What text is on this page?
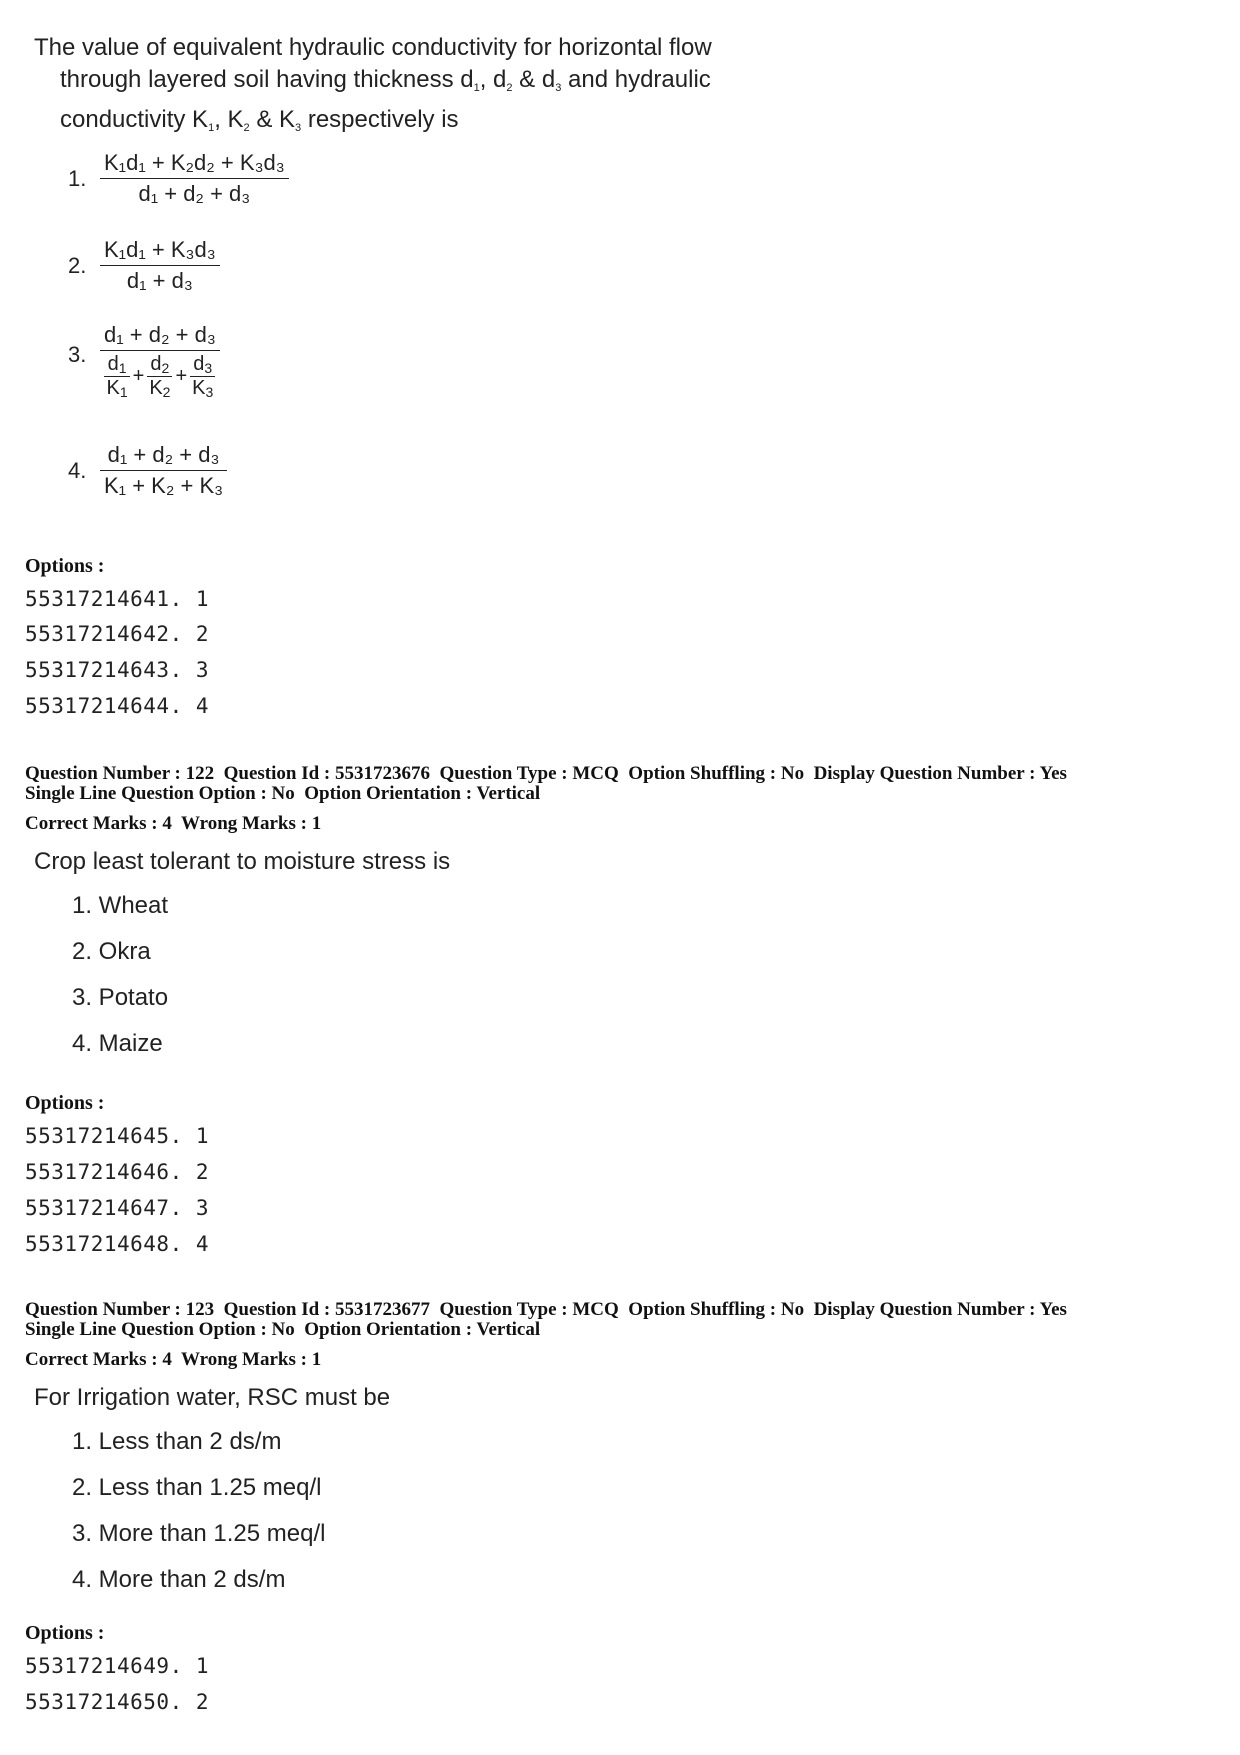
The value of equivalent hydraulic conductivity for horizontal flow
through layered soil having thickness $d_1$, $d_2$ & $d_3$ and hydraulic
conductivity $K_1$, $K_2$ & $K_3$ respectively is
1. $\frac{\text{K₁d₁ + K₂d₂ + K₃d₃}}{\text{d₁ + d₂ + d₃}}$
2. $\frac{\text{K₁d₁ + K₃d₃}}{\text{d₁ + d₃}}$
3. $\frac{\text{d₁ + d₂ + d₃}}{\frac{d_1}{K_1} + \frac{d_2}{K_2} + \frac{d_3}{K_3}}$
4. $\frac{\text{d₁ + d₂ + d₃}}{\text{K₁ + K₂ + K₃}}$
Options :
55317214641. 1
55317214642. 2
55317214643. 3
55317214644. 4
Question Number : 122  Question Id : 5531723676  Question Type : MCQ  Option Shuffling : No  Display Question Number : Yes
Single Line Question Option : No  Option Orientation : Vertical
Correct Marks : 4  Wrong Marks : 1
Crop least tolerant to moisture stress is
1. Wheat
2. Okra
3. Potato
4. Maize
Options :
55317214645. 1
55317214646. 2
55317214647. 3
55317214648. 4
Question Number : 123  Question Id : 5531723677  Question Type : MCQ  Option Shuffling : No  Display Question Number : Yes
Single Line Question Option : No  Option Orientation : Vertical
Correct Marks : 4  Wrong Marks : 1
For Irrigation water, RSC must be
1. Less than 2 ds/m
2. Less than 1.25 meq/l
3. More than 1.25 meq/l
4. More than 2 ds/m
Options :
55317214649. 1
55317214650. 2
